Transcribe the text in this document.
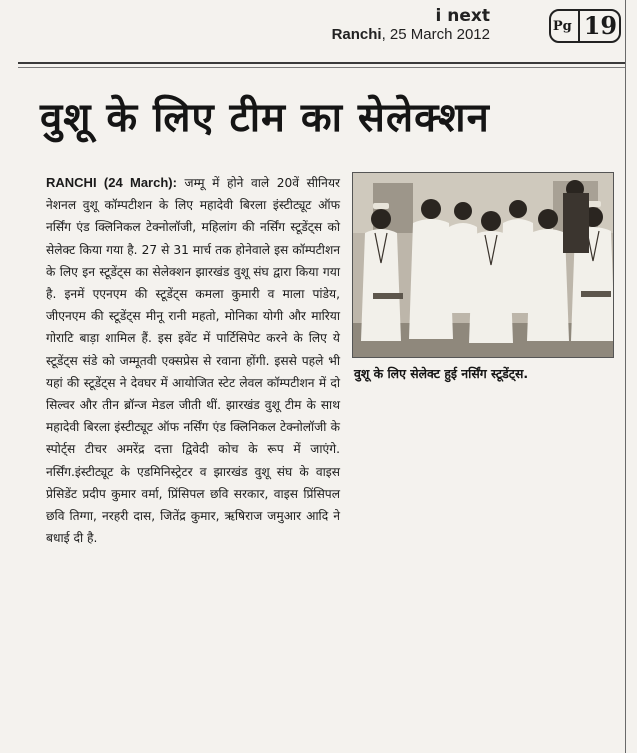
i next
Ranchi, 25 March 2012	Pg 19
वुशू के लिए टीम का सेलेक्शन
RANCHI (24 March): जम्मू में होने वाले 20वें सीनियर नेशनल वुशू कॉम्पटीशन के लिए महादेवी बिरला इंस्टीट्यूट ऑफ नर्सिंग एंड क्लिनिकल टेक्नोलॉजी, महिलांग की नर्सिंग स्टूडेंट्स को सेलेक्ट किया गया है. 27 से 31 मार्च तक होनेवाले इस कॉम्पटीशन के लिए इन स्टूडेंट्स का सेलेक्शन झारखंड वुशू संघ द्वारा किया गया है. इनमें एएनएम की स्टूडेंट्स कमला कुमारी व माला पांडेय, जीएनएम की स्टूडेंट्स मीनू रानी महतो, मोनिका योगी और मारिया गोराटि बाड़ा शामिल हैं. इस इवेंट में पार्टिसिपेट करने के लिए ये स्टूडेंट्स संडे को जम्मूतवी एक्सप्रेस से रवाना होंगी. इससे पहले भी यहां की स्टूडेंट्स ने देवघर में आयोजित स्टेट लेवल कॉम्पटीशन में दो सिल्वर और तीन ब्रॉन्ज मेडल जीती थीं. झारखंड वुशू टीम के साथ महादेवी बिरला इंस्टीट्यूट ऑफ नर्सिंग एंड क्लिनिकल टेक्नोलॉजी के स्पोर्ट्स टीचर अमरेंद्र दत्ता द्विवेदी कोच के रूप में जाएंगे. नर्सिंग.इंस्टीट्यूट के एडमिनिस्ट्रेटर व झारखंड वुशू संघ के वाइस प्रेसिडेंट प्रदीप कुमार वर्मा, प्रिंसिपल छवि सरकार, वाइस प्रिंसिपल छवि तिग्गा, नरहरी दास, जितेंद्र कुमार, ऋषिराज जमुआर आदि ने बधाई दी है.
वुशू के लिए सेलेक्ट हुई नर्सिंग स्टूडेंट्स.
